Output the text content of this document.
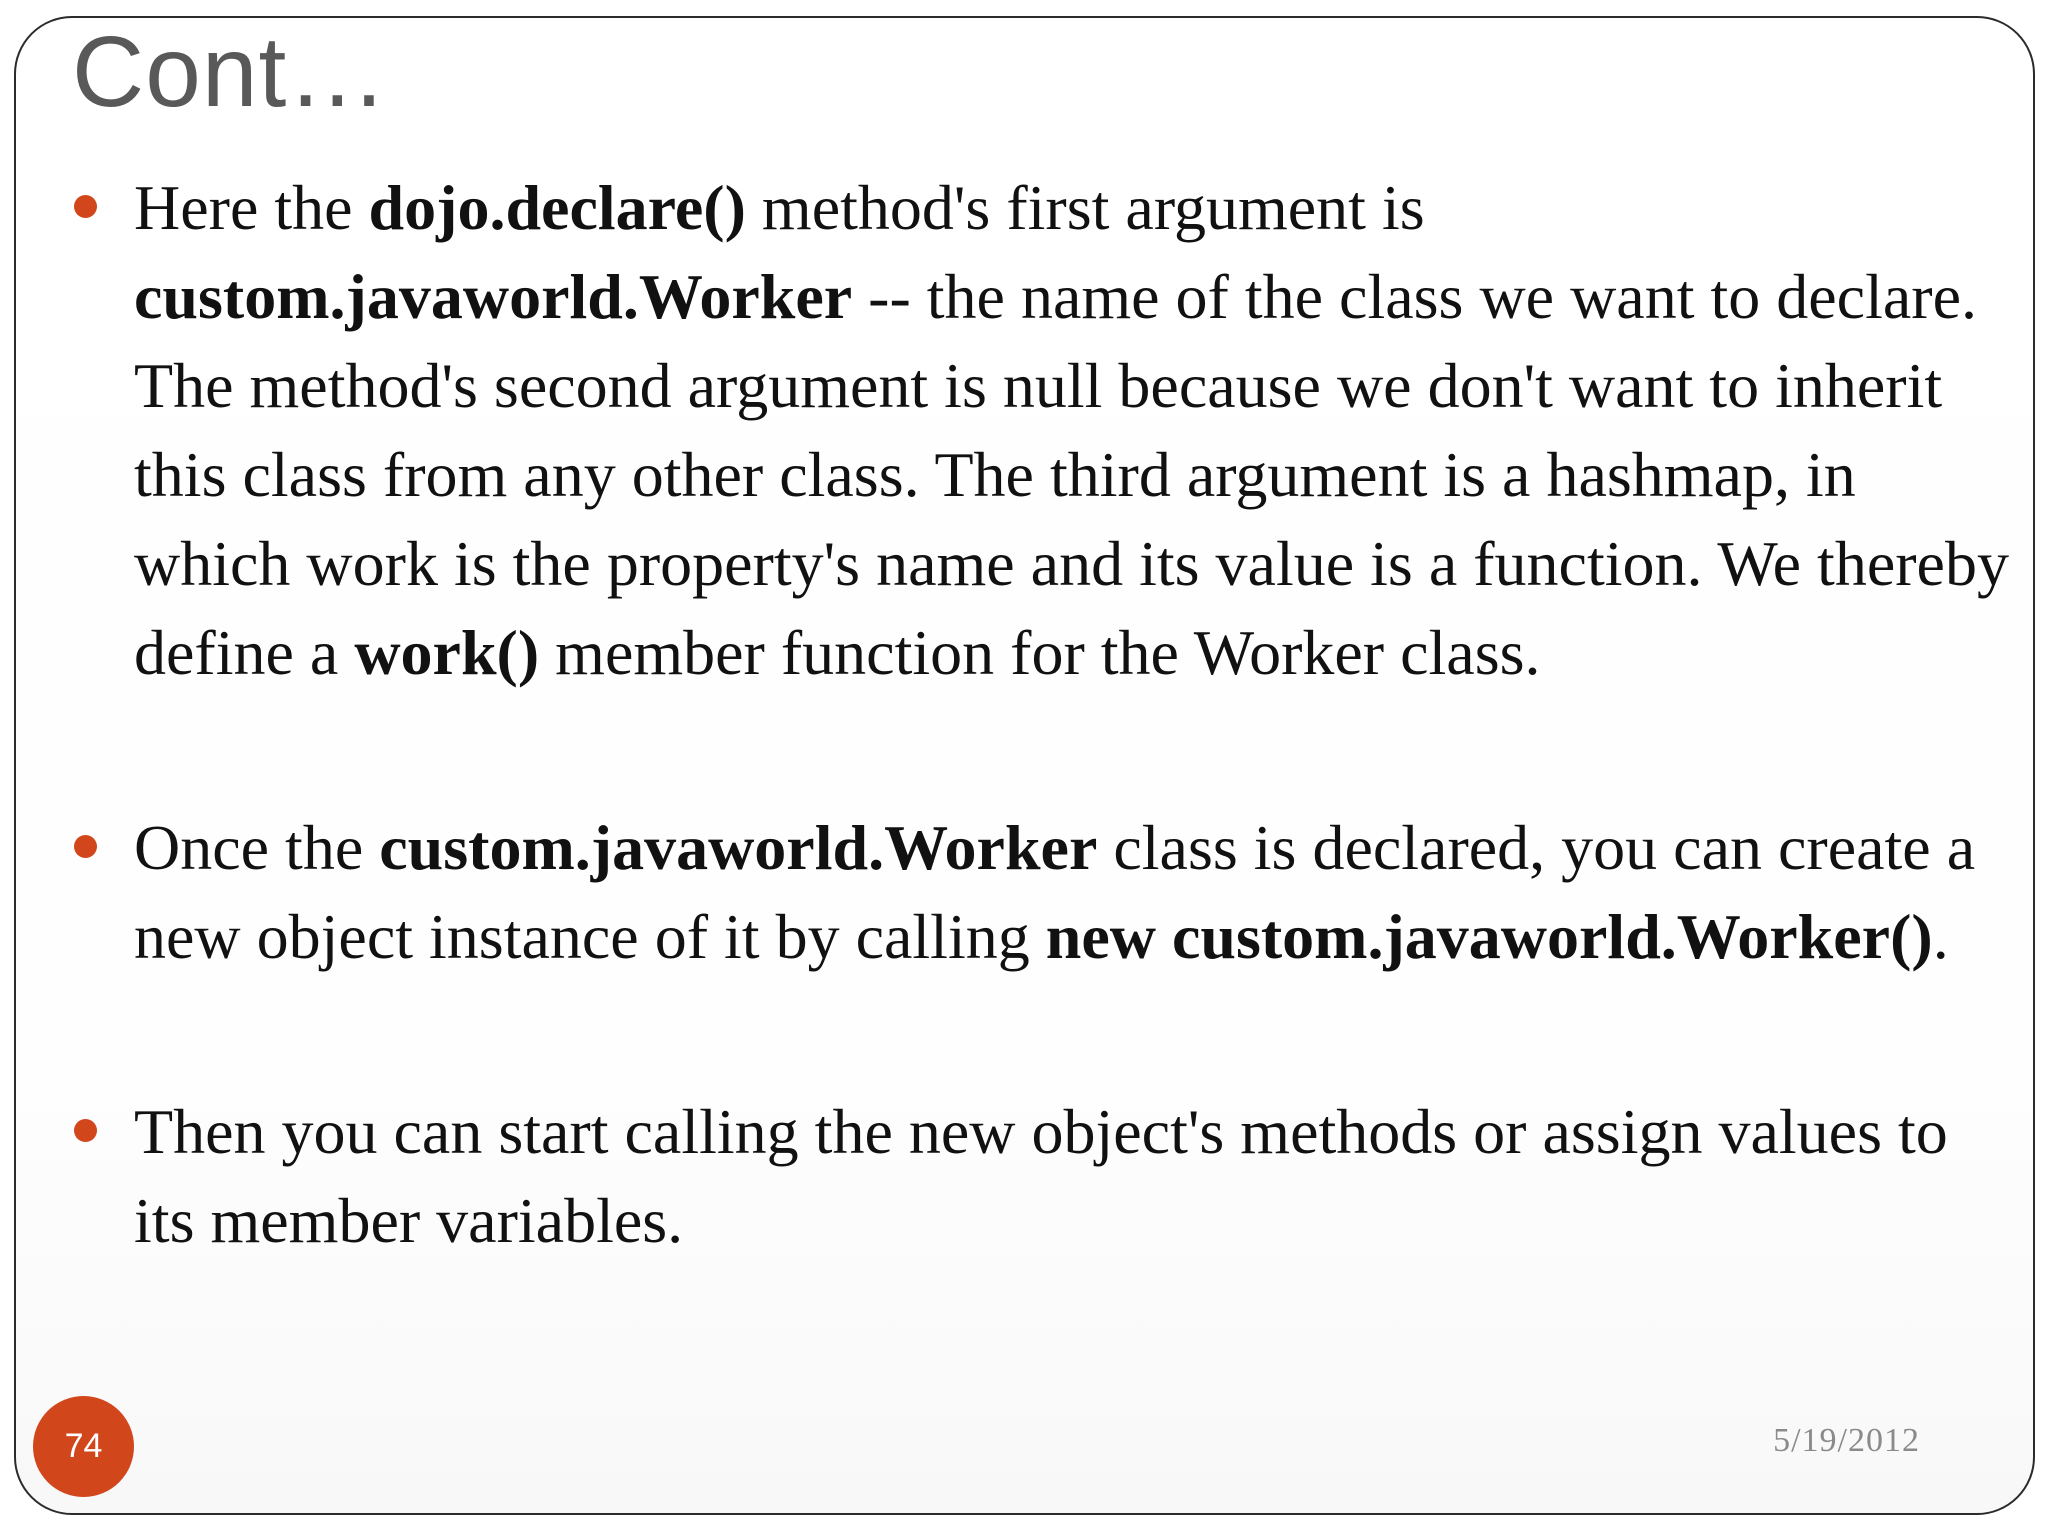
Cont…
Here the dojo.declare() method's first argument is custom.javaworld.Worker -- the name of the class we want to declare. The method's second argument is null because we don't want to inherit this class from any other class. The third argument is a hashmap, in which work is the property's name and its value is a function. We thereby define a work() member function for the Worker class.
Once the custom.javaworld.Worker class is declared, you can create a new object instance of it by calling new custom.javaworld.Worker().
Then you can start calling the new object's methods or assign values to its member variables.
74	5/19/2012
